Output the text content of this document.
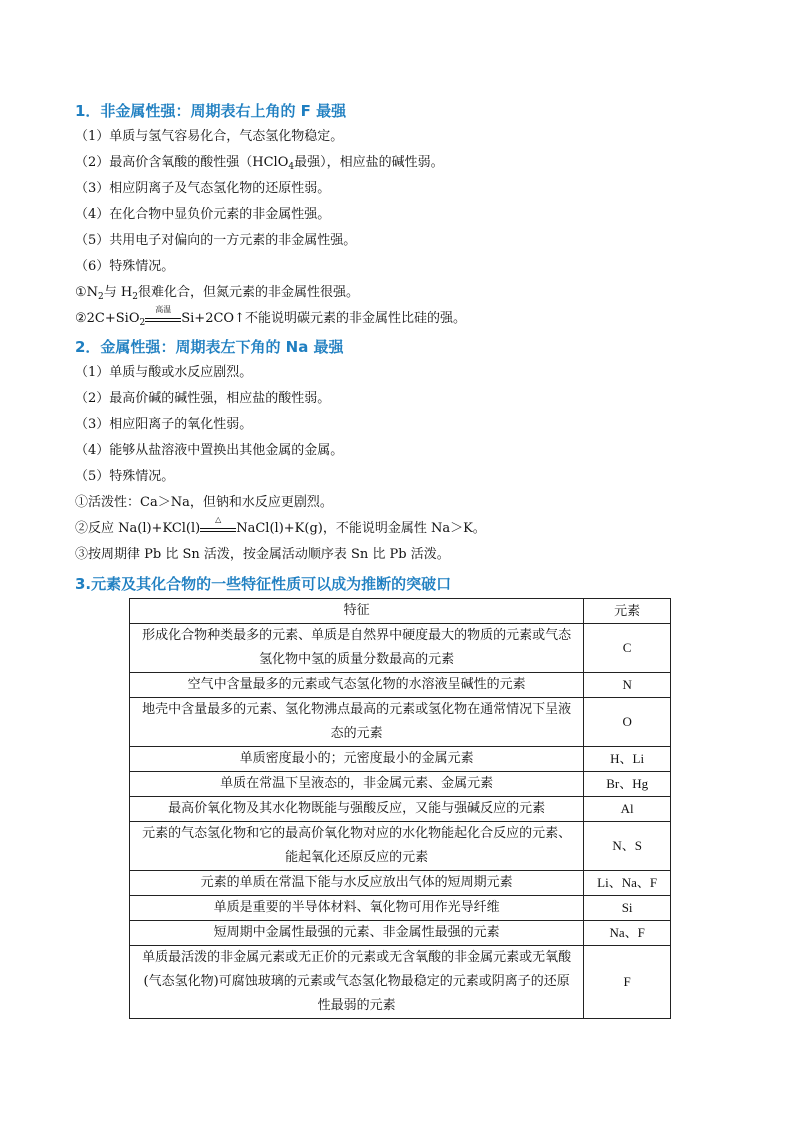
1．非金属性强：周期表右上角的 F 最强
（1）单质与氢气容易化合，气态氢化物稳定。
（2）最高价含氧酸的酸性强（HClO$_4$最强），相应盐的碱性弱。
（3）相应阴离子及气态氢化物的还原性弱。
（4）在化合物中显负价元素的非金属性强。
（5）共用电子对偏向的一方元素的非金属性强。
（6）特殊情况。
$①N_2$与 $H_2$很难化合，但氮元素的非金属性很强。
②2C+SiO$_2$
高温
Si+2CO↑不能说明碳元素的非金属性比硅的强。
2．金属性强：周期表左下角的 Na 最强
（1）单质与酸或水反应剧烈。
（2）最高价碱的碱性强，相应盐的酸性弱。
（3）相应阳离子的氧化性弱。
（4）能够从盐溶液中置换出其他金属的金属。
（5）特殊情况。
①活泼性：Ca＞Na，但钠和水反应更剧烈。
②反应 Na(l)+KCl(l)
△
NaCl(l)+K(g)，不能说明金属性 Na＞K。
③按周期律 Pb 比 Sn 活泼，按金属活动顺序表 Sn 比 Pb 活泼。
3.元素及其化合物的一些特征性质可以成为推断的突破口
特征	元素
形成化合物种类最多的元素、单质是自然界中硬度最大的物质的元素或气态氢化物中氢的质量分数最高的元素	C
空气中含量最多的元素或气态氢化物的水溶液呈碱性的元素	N
地壳中含量最多的元素、氢化物沸点最高的元素或氢化物在通常情况下呈液态的元素	O
单质密度最小的；元密度最小的金属元素	H、Li
单质在常温下呈液态的，非金属元素、金属元素	Br、Hg
最高价氧化物及其水化物既能与强酸反应，又能与强碱反应的元素	Al
元素的气态氢化物和它的最高价氧化物对应的水化物能起化合反应的元素、能起氧化还原反应的元素	N、S
元素的单质在常温下能与水反应放出气体的短周期元素	Li、Na、F
单质是重要的半导体材料、氧化物可用作光导纤维	Si
短周期中金属性最强的元素、非金属性最强的元素	Na、F
单质最活泼的非金属元素或无正价的元素或无含氧酸的非金属元素或无氧酸(气态氢化物)可腐蚀玻璃的元素或气态氢化物最稳定的元素或阴离子的还原性最弱的元素	F
